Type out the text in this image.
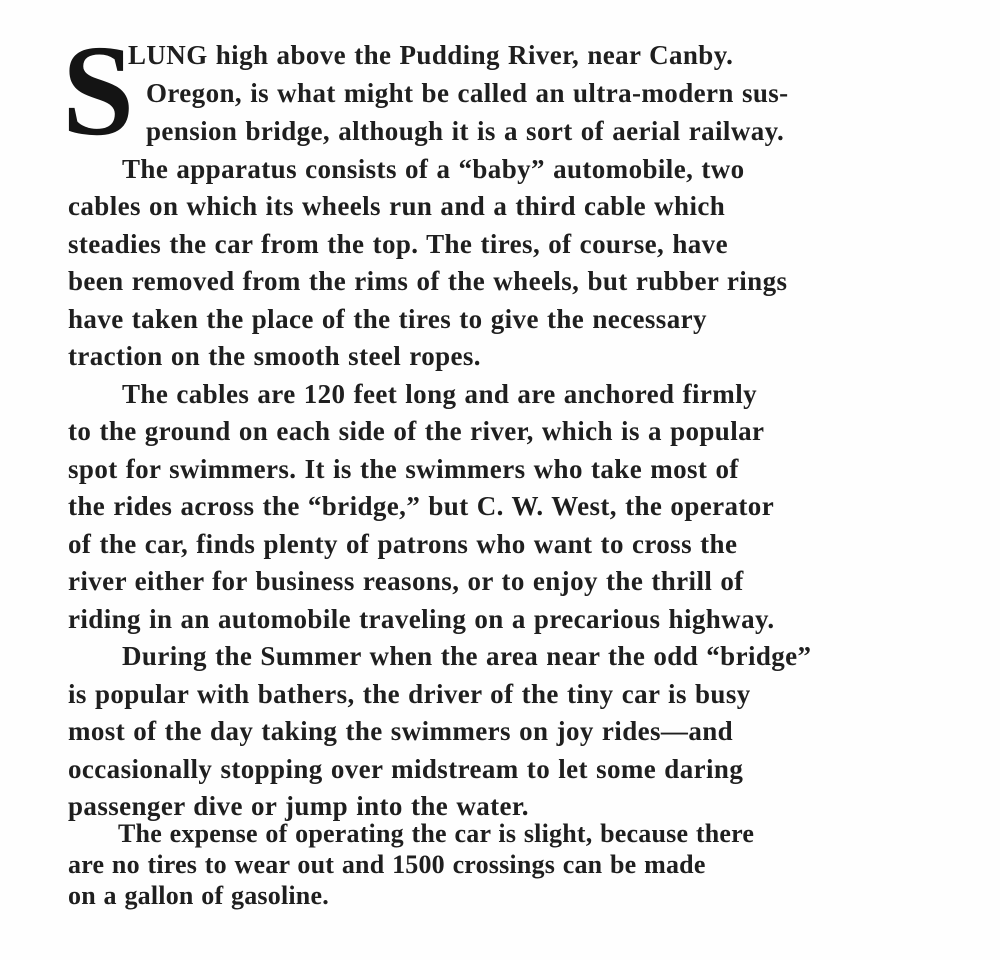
S
LUNG high above the Pudding River, near Canby.
Oregon, is what might be called an ultra-modern sus-
pension bridge, although it is a sort of aerial railway.
The apparatus consists of a “baby” automobile, two
cables on which its wheels run and a third cable which
steadies the car from the top. The tires, of course, have
been removed from the rims of the wheels, but rubber rings
have taken the place of the tires to give the necessary
traction on the smooth steel ropes.
The cables are 120 feet long and are anchored firmly
to the ground on each side of the river, which is a popular
spot for swimmers. It is the swimmers who take most of
the rides across the “bridge,” but C. W. West, the operator
of the car, finds plenty of patrons who want to cross the
river either for business reasons, or to enjoy the thrill of
riding in an automobile traveling on a precarious highway.
During the Summer when the area near the odd “bridge”
is popular with bathers, the driver of the tiny car is busy
most of the day taking the swimmers on joy rides—and
occasionally stopping over midstream to let some daring
passenger dive or jump into the water.
The expense of operating the car is slight, because there
are no tires to wear out and 1500 crossings can be made
on a gallon of gasoline.
